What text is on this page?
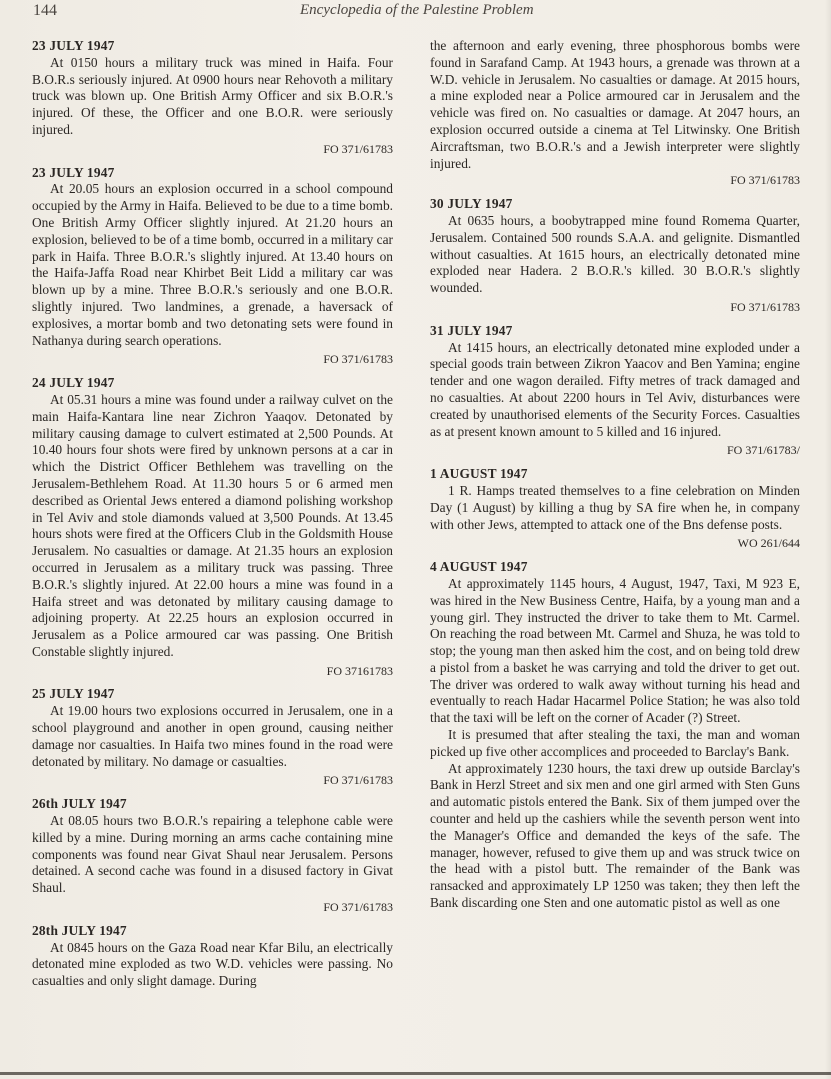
144	Encyclopedia of the Palestine Problem

23 JULY 1947

At 0150 hours a military truck was mined in Haifa. Four B.O.R.s seriously injured. At 0900 hours near Rehovoth a military truck was blown up. One British Army Officer and six B.O.R.'s injured. Of these, the Officer and one B.O.R. were seriously injured.

FO 371/61783

23 JULY 1947

At 20.05 hours an explosion occurred in a school compound occupied by the Army in Haifa. Believed to be due to a time bomb. One British Army Officer slightly injured. At 21.20 hours an explosion, believed to be of a time bomb, occurred in a military car park in Haifa. Three B.O.R.'s slightly injured. At 13.40 hours on the Haifa-Jaffa Road near Khirbet Beit Lidd a military car was blown up by a mine. Three B.O.R.'s seriously and one B.O.R. slightly injured. Two landmines, a grenade, a haversack of explosives, a mortar bomb and two detonating sets were found in Nathanya during search operations.

FO 371/61783

24 JULY 1947

At 05.31 hours a mine was found under a railway culvet on the main Haifa-Kantara line near Zichron Yaaqov. Detonated by military causing damage to culvert estimated at 2,500 Pounds. At 10.40 hours four shots were fired by unknown persons at a car in which the District Officer Bethlehem was travelling on the Jerusalem-Bethlehem Road. At 11.30 hours 5 or 6 armed men described as Oriental Jews entered a diamond polishing workshop in Tel Aviv and stole diamonds valued at 3,500 Pounds. At 13.45 hours shots were fired at the Officers Club in the Goldsmith House Jerusalem. No casualties or damage. At 21.35 hours an explosion occurred in Jerusalem as a military truck was passing. Three B.O.R.'s slightly injured. At 22.00 hours a mine was found in a Haifa street and was detonated by military causing damage to adjoining property. At 22.25 hours an explosion occurred in Jerusalem as a Police armoured car was passing. One British Constable slightly injured.

FO 37161783

25 JULY 1947

At 19.00 hours two explosions occurred in Jerusalem, one in a school playground and another in open ground, causing neither damage nor casualties. In Haifa two mines found in the road were detonated by military. No damage or casualties.

FO 371/61783

26th JULY 1947

At 08.05 hours two B.O.R.'s repairing a telephone cable were killed by a mine. During morning an arms cache containing mine components was found near Givat Shaul near Jerusalem. Persons detained. A second cache was found in a disused factory in Givat Shaul.

FO 371/61783

28th JULY 1947

At 0845 hours on the Gaza Road near Kfar Bilu, an electrically detonated mine exploded as two W.D. vehicles were passing. No casualties and only slight damage. During

the afternoon and early evening, three phosphorous bombs were found in Sarafand Camp. At 1943 hours, a grenade was thrown at a W.D. vehicle in Jerusalem. No casualties or damage. At 2015 hours, a mine exploded near a Police armoured car in Jerusalem and the vehicle was fired on. No casualties or damage. At 2047 hours, an explosion occurred outside a cinema at Tel Litwinsky. One British Aircraftsman, two B.O.R.'s and a Jewish interpreter were slightly injured.

FO 371/61783

30 JULY 1947

At 0635 hours, a boobytrapped mine found Romema Quarter, Jerusalem. Contained 500 rounds S.A.A. and gelignite. Dismantled without casualties. At 1615 hours, an electrically detonated mine exploded near Hadera. 2 B.O.R.'s killed. 30 B.O.R.'s slightly wounded.

FO 371/61783

31 JULY 1947

At 1415 hours, an electrically detonated mine exploded under a special goods train between Zikron Yaacov and Ben Yamina; engine tender and one wagon derailed. Fifty metres of track damaged and no casualties. At about 2200 hours in Tel Aviv, disturbances were created by unauthorised elements of the Security Forces. Casualties as at present known amount to 5 killed and 16 injured.

FO 371/61783/

1 AUGUST 1947

1 R. Hamps treated themselves to a fine celebration on Minden Day (1 August) by killing a thug by SA fire when he, in company with other Jews, attempted to attack one of the Bns defense posts.

WO 261/644

4 AUGUST 1947

At approximately 1145 hours, 4 August, 1947, Taxi, M 923 E, was hired in the New Business Centre, Haifa, by a young man and a young girl. They instructed the driver to take them to Mt. Carmel. On reaching the road between Mt. Carmel and Shuza, he was told to stop; the young man then asked him the cost, and on being told drew a pistol from a basket he was carrying and told the driver to get out. The driver was ordered to walk away without turning his head and eventually to reach Hadar Hacarmel Police Station; he was also told that the taxi will be left on the corner of Acader (?) Street.

It is presumed that after stealing the taxi, the man and woman picked up five other accomplices and proceeded to Barclay's Bank.

At approximately 1230 hours, the taxi drew up outside Barclay's Bank in Herzl Street and six men and one girl armed with Sten Guns and automatic pistols entered the Bank. Six of them jumped over the counter and held up the cashiers while the seventh person went into the Manager's Office and demanded the keys of the safe. The manager, however, refused to give them up and was struck twice on the head with a pistol butt. The remainder of the Bank was ransacked and approximately LP 1250 was taken; they then left the Bank discarding one Sten and one automatic pistol as well as one
